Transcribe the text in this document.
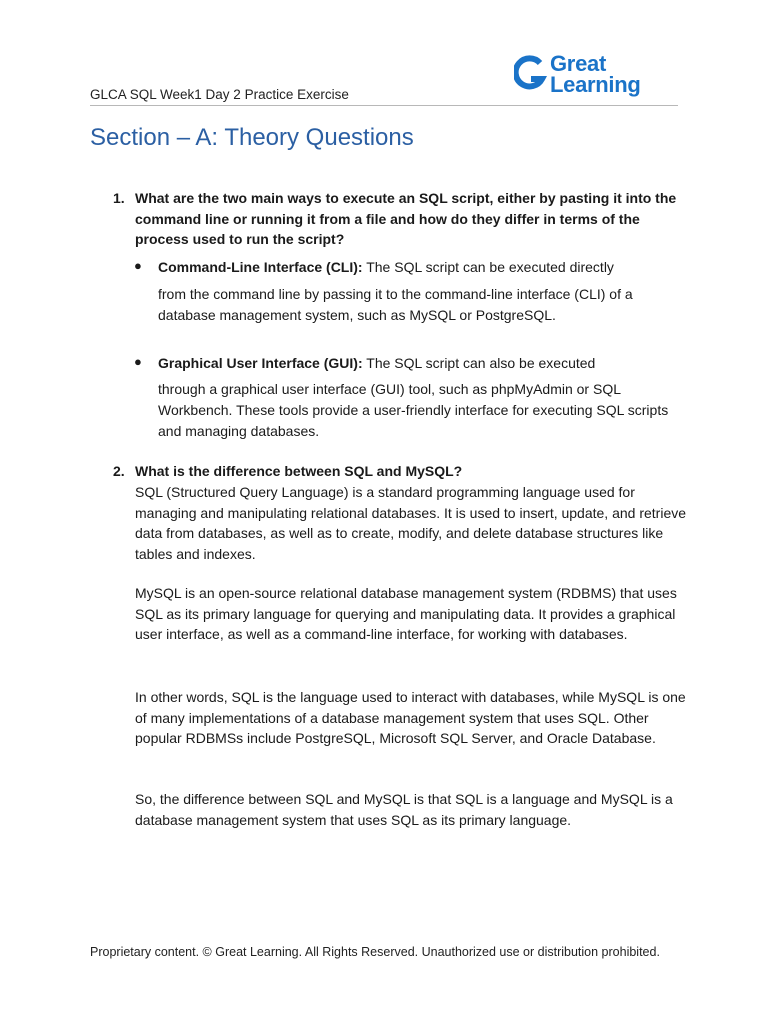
GLCA SQL Week1 Day 2 Practice Exercise
Great
Learning
Section – A: Theory Questions
1. What are the two main ways to execute an SQL script, either by pasting it into the command line or running it from a file and how do they differ in terms of the process used to run the script?
● Command-Line Interface (CLI): The SQL script can be executed directly
from the command line by passing it to the command-line interface (CLI) of a database management system, such as MySQL or PostgreSQL.
● Graphical User Interface (GUI): The SQL script can also be executed
through a graphical user interface (GUI) tool, such as phpMyAdmin or SQL Workbench. These tools provide a user-friendly interface for executing SQL scripts and managing databases.
2. What is the difference between SQL and MySQL?

SQL (Structured Query Language) is a standard programming language used for managing and manipulating relational databases. It is used to insert, update, and retrieve data from databases, as well as to create, modify, and delete database structures like tables and indexes.

MySQL is an open-source relational database management system (RDBMS) that uses SQL as its primary language for querying and manipulating data. It provides a graphical user interface, as well as a command-line interface, for working with databases.

In other words, SQL is the language used to interact with databases, while MySQL is one of many implementations of a database management system that uses SQL. Other popular RDBMSs include PostgreSQL, Microsoft SQL Server, and Oracle Database.

So, the difference between SQL and MySQL is that SQL is a language and MySQL is a database management system that uses SQL as its primary language.

Proprietary content. © Great Learning. All Rights Reserved. Unauthorized use or distribution prohibited.
